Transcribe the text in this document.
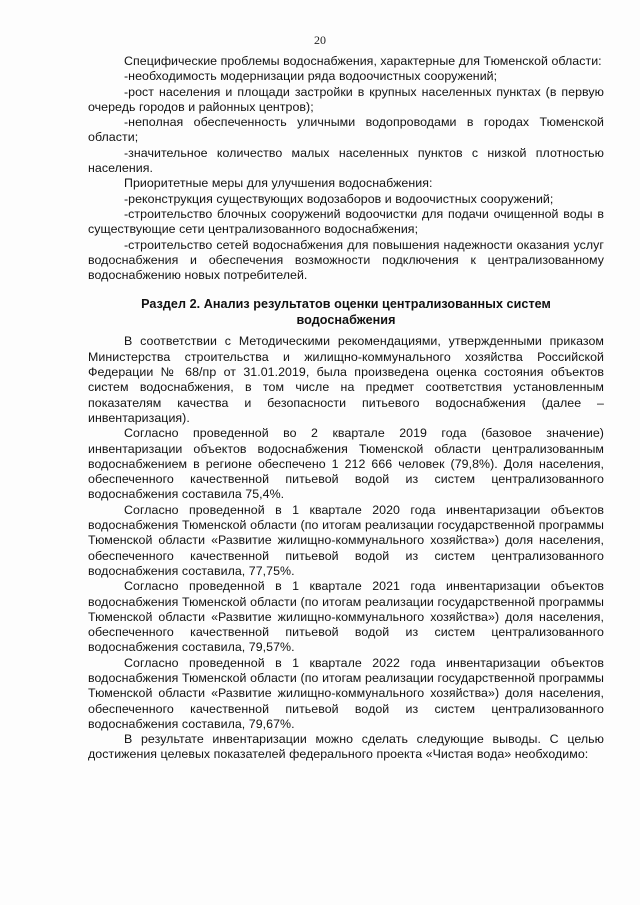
20

Специфические проблемы водоснабжения, характерные для Тюменской области:

-необходимость модернизации ряда водоочистных сооружений;

-рост населения и площади застройки в крупных населенных пунктах (в первую очередь городов и районных центров);

-неполная обеспеченность уличными водопроводами в городах Тюменской области;

-значительное количество малых населенных пунктов с низкой плотностью населения.

Приоритетные меры для улучшения водоснабжения:

-реконструкция существующих водозаборов и водоочистных сооружений;

-строительство блочных сооружений водоочистки для подачи очищенной воды в существующие сети централизованного водоснабжения;

-строительство сетей водоснабжения для повышения надежности оказания услуг водоснабжения и обеспечения возможности подключения к централизованному водоснабжению новых потребителей.

Раздел 2. Анализ результатов оценки централизованных систем водоснабжения

В соответствии с Методическими рекомендациями, утвержденными приказом Министерства строительства и жилищно-коммунального хозяйства Российской Федерации № 68/пр от 31.01.2019, была произведена оценка состояния объектов систем водоснабжения, в том числе на предмет соответствия установленным показателям качества и безопасности питьевого водоснабжения (далее – инвентаризация).

Согласно проведенной во 2 квартале 2019 года (базовое значение) инвентаризации объектов водоснабжения Тюменской области централизованным водоснабжением в регионе обеспечено 1 212 666 человек (79,8%). Доля населения, обеспеченного качественной питьевой водой из систем централизованного водоснабжения составила 75,4%.

Согласно проведенной в 1 квартале 2020 года инвентаризации объектов водоснабжения Тюменской области (по итогам реализации государственной программы Тюменской области «Развитие жилищно-коммунального хозяйства») доля населения, обеспеченного качественной питьевой водой из систем централизованного водоснабжения составила, 77,75%.

Согласно проведенной в 1 квартале 2021 года инвентаризации объектов водоснабжения Тюменской области (по итогам реализации государственной программы Тюменской области «Развитие жилищно-коммунального хозяйства») доля населения, обеспеченного качественной питьевой водой из систем централизованного водоснабжения составила, 79,57%.

Согласно проведенной в 1 квартале 2022 года инвентаризации объектов водоснабжения Тюменской области (по итогам реализации государственной программы Тюменской области «Развитие жилищно-коммунального хозяйства») доля населения, обеспеченного качественной питьевой водой из систем централизованного водоснабжения составила, 79,67%.

В результате инвентаризации можно сделать следующие выводы. С целью достижения целевых показателей федерального проекта «Чистая вода» необходимо:
